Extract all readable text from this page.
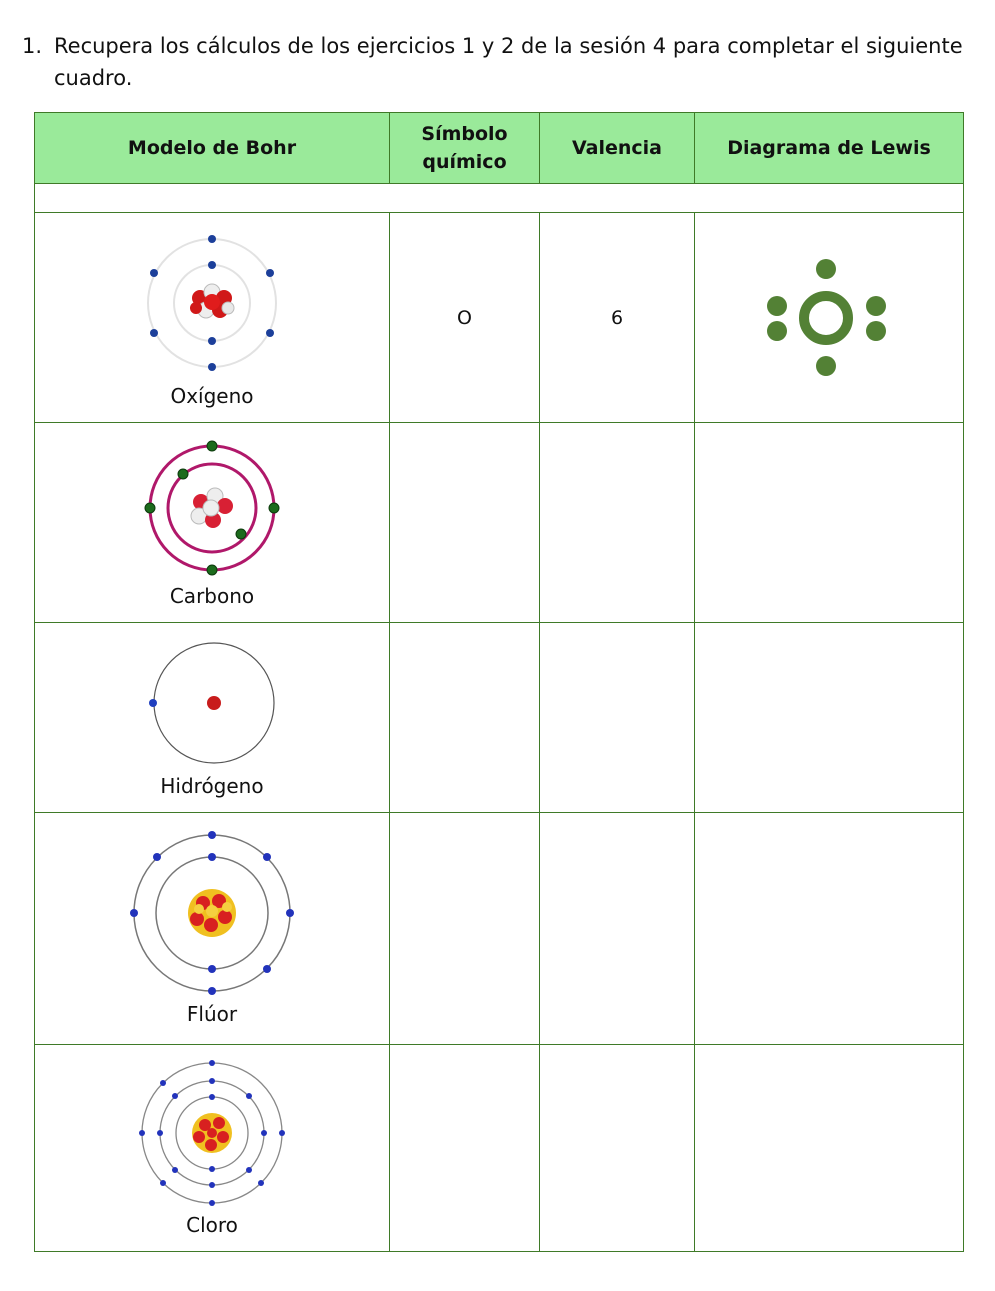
1. Recupera los cálculos de los ejercicios 1 y 2 de la sesión 4 para completar el siguiente cuadro.
Modelo de Bohr	Símbolo químico	Valencia	Diagrama de Lewis

Oxígeno	O	6	

Carbono			

Hidrógeno			

Flúor			

Cloro			
